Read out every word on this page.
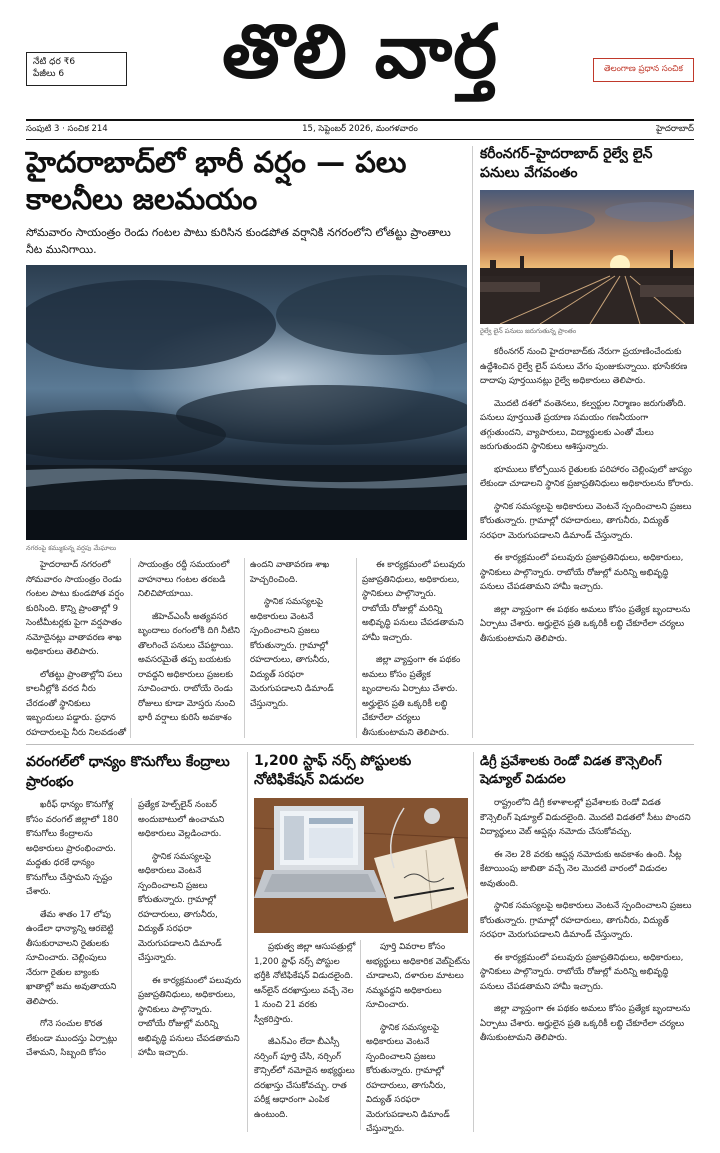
నేటి ధర ₹6
పేజీలు 6	తొలి వార్త	తెలంగాణ ప్రధాన సంచిక
సంపుటి 3 · సంచిక 214	15, సెప్టెంబర్ 2026, మంగళవారం	హైదరాబాద్
హైదరాబాద్‌లో భారీ వర్షం — పలు కాలనీలు జలమయం
సోమవారం సాయంత్రం రెండు గంటల పాటు కురిసిన కుండపోత వర్షానికి నగరంలోని లోతట్టు ప్రాంతాలు నీట మునిగాయి.
నగరంపై కమ్ముకున్న వర్షపు మేఘాలు

హైదరాబాద్ నగరంలో సోమవారం సాయంత్రం రెండు గంటల పాటు కుండపోత వర్షం కురిసింది. కొన్ని ప్రాంతాల్లో 9 సెంటీమీటర్లకు పైగా వర్షపాతం నమోదైనట్లు వాతావరణ శాఖ అధికారులు తెలిపారు.

లోతట్టు ప్రాంతాల్లోని పలు కాలనీల్లోకి వరద నీరు చేరడంతో స్థానికులు ఇబ్బందులు పడ్డారు. ప్రధాన రహదారులపై నీరు నిలవడంతో

సాయంత్రం రద్దీ సమయంలో వాహనాలు గంటల తరబడి నిలిచిపోయాయి.

జీహెచ్ఎంసీ అత్యవసర బృందాలు రంగంలోకి దిగి నీటిని తొలగించే పనులు చేపట్టాయి. అవసరమైతే తప్ప బయటకు రావద్దని అధికారులు ప్రజలకు సూచించారు. రాబోయే రెండు రోజులు కూడా మోస్తరు నుంచి భారీ వర్షాలు కురిసే అవకాశం

ఉందని వాతావరణ శాఖ హెచ్చరించింది.

స్థానిక సమస్యలపై అధికారులు వెంటనే స్పందించాలని ప్రజలు కోరుతున్నారు. గ్రామాల్లో రహదారులు, తాగునీరు, విద్యుత్ సరఫరా మెరుగుపడాలని డిమాండ్ చేస్తున్నారు.

ఈ కార్యక్రమంలో పలువురు ప్రజాప్రతినిధులు, అధికారులు, స్థానికులు పాల్గొన్నారు. రాబోయే రోజుల్లో మరిన్ని అభివృద్ధి పనులు చేపడతామని హామీ ఇచ్చారు.

జిల్లా వ్యాప్తంగా ఈ పథకం అమలు కోసం ప్రత్యేక బృందాలను ఏర్పాటు చేశారు. అర్హులైన ప్రతి ఒక్కరికీ లబ్ధి చేకూరేలా చర్యలు తీసుకుంటామని తెలిపారు.

కరీంనగర్–హైదరాబాద్ రైల్వే లైన్ పనులు వేగవంతం
రైల్వే లైన్ పనులు జరుగుతున్న ప్రాంతం

కరీంనగర్ నుంచి హైదరాబాద్‌కు నేరుగా ప్రయాణించేందుకు ఉద్దేశించిన రైల్వే లైన్ పనులు వేగం పుంజుకున్నాయి. భూసేకరణ దాదాపు పూర్తయినట్లు రైల్వే అధికారులు తెలిపారు.

మొదటి దశలో వంతెనలు, కల్వర్టుల నిర్మాణం జరుగుతోంది. పనులు పూర్తయితే ప్రయాణ సమయం గణనీయంగా తగ్గుతుందని, వ్యాపారులు, విద్యార్థులకు ఎంతో మేలు జరుగుతుందని స్థానికులు ఆశిస్తున్నారు.

భూములు కోల్పోయిన రైతులకు పరిహారం చెల్లింపులో జాప్యం లేకుండా చూడాలని స్థానిక ప్రజాప్రతినిధులు అధికారులను కోరారు.

స్థానిక సమస్యలపై అధికారులు వెంటనే స్పందించాలని ప్రజలు కోరుతున్నారు. గ్రామాల్లో రహదారులు, తాగునీరు, విద్యుత్ సరఫరా మెరుగుపడాలని డిమాండ్ చేస్తున్నారు.

ఈ కార్యక్రమంలో పలువురు ప్రజాప్రతినిధులు, అధికారులు, స్థానికులు పాల్గొన్నారు. రాబోయే రోజుల్లో మరిన్ని అభివృద్ధి పనులు చేపడతామని హామీ ఇచ్చారు.

జిల్లా వ్యాప్తంగా ఈ పథకం అమలు కోసం ప్రత్యేక బృందాలను ఏర్పాటు చేశారు. అర్హులైన ప్రతి ఒక్కరికీ లబ్ధి చేకూరేలా చర్యలు తీసుకుంటామని తెలిపారు.

వరంగల్‌లో ధాన్యం కొనుగోలు కేంద్రాలు ప్రారంభం

ఖరీఫ్ ధాన్యం కొనుగోళ్ల కోసం వరంగల్ జిల్లాలో 180 కొనుగోలు కేంద్రాలను అధికారులు ప్రారంభించారు. మద్దతు ధరకే ధాన్యం కొనుగోలు చేస్తామని స్పష్టం చేశారు.

తేమ శాతం 17 లోపు ఉండేలా ధాన్యాన్ని ఆరబెట్టి తీసుకురావాలని రైతులకు సూచించారు. చెల్లింపులు నేరుగా రైతుల బ్యాంకు ఖాతాల్లో జమ అవుతాయని తెలిపారు.

గోనె సంచుల కొరత లేకుండా ముందస్తు ఏర్పాట్లు చేశామని, సిబ్బంది కోసం

ప్రత్యేక హెల్ప్‌లైన్ నంబర్ అందుబాటులో ఉంచామని అధికారులు వెల్లడించారు.

స్థానిక సమస్యలపై అధికారులు వెంటనే స్పందించాలని ప్రజలు కోరుతున్నారు. గ్రామాల్లో రహదారులు, తాగునీరు, విద్యుత్ సరఫరా మెరుగుపడాలని డిమాండ్ చేస్తున్నారు.

ఈ కార్యక్రమంలో పలువురు ప్రజాప్రతినిధులు, అధికారులు, స్థానికులు పాల్గొన్నారు. రాబోయే రోజుల్లో మరిన్ని అభివృద్ధి పనులు చేపడతామని హామీ ఇచ్చారు.

1,200 స్టాఫ్ నర్స్ పోస్టులకు నోటిఫికేషన్ విడుదల

ప్రభుత్వ జిల్లా ఆసుపత్రుల్లో 1,200 స్టాఫ్ నర్స్ పోస్టుల భర్తీకి నోటిఫికేషన్ విడుదలైంది. ఆన్‌లైన్ దరఖాస్తులు వచ్చే నెల 1 నుంచి 21 వరకు స్వీకరిస్తారు.

జీఎన్ఎం లేదా బీఎస్సీ నర్సింగ్ పూర్తి చేసి, నర్సింగ్ కౌన్సిల్‌లో నమోదైన అభ్యర్థులు దరఖాస్తు చేసుకోవచ్చు. రాత పరీక్ష ఆధారంగా ఎంపిక ఉంటుంది.

పూర్తి వివరాల కోసం అభ్యర్థులు అధికారిక వెబ్‌సైట్‌ను చూడాలని, దళారుల మాటలు నమ్మవద్దని అధికారులు సూచించారు.

స్థానిక సమస్యలపై అధికారులు వెంటనే స్పందించాలని ప్రజలు కోరుతున్నారు. గ్రామాల్లో రహదారులు, తాగునీరు, విద్యుత్ సరఫరా మెరుగుపడాలని డిమాండ్ చేస్తున్నారు.

డిగ్రీ ప్రవేశాలకు రెండో విడత కౌన్సెలింగ్ షెడ్యూల్ విడుదల

రాష్ట్రంలోని డిగ్రీ కళాశాలల్లో ప్రవేశాలకు రెండో విడత కౌన్సెలింగ్ షెడ్యూల్ విడుదలైంది. మొదటి విడతలో సీటు పొందని విద్యార్థులు వెబ్ ఆప్షన్లు నమోదు చేసుకోవచ్చు.

ఈ నెల 28 వరకు ఆప్షన్ల నమోదుకు అవకాశం ఉంది. సీట్ల కేటాయింపు జాబితా వచ్చే నెల మొదటి వారంలో విడుదల అవుతుంది.

స్థానిక సమస్యలపై అధికారులు వెంటనే స్పందించాలని ప్రజలు కోరుతున్నారు. గ్రామాల్లో రహదారులు, తాగునీరు, విద్యుత్ సరఫరా మెరుగుపడాలని డిమాండ్ చేస్తున్నారు.

ఈ కార్యక్రమంలో పలువురు ప్రజాప్రతినిధులు, అధికారులు, స్థానికులు పాల్గొన్నారు. రాబోయే రోజుల్లో మరిన్ని అభివృద్ధి పనులు చేపడతామని హామీ ఇచ్చారు.

జిల్లా వ్యాప్తంగా ఈ పథకం అమలు కోసం ప్రత్యేక బృందాలను ఏర్పాటు చేశారు. అర్హులైన ప్రతి ఒక్కరికీ లబ్ధి చేకూరేలా చర్యలు తీసుకుంటామని తెలిపారు.
